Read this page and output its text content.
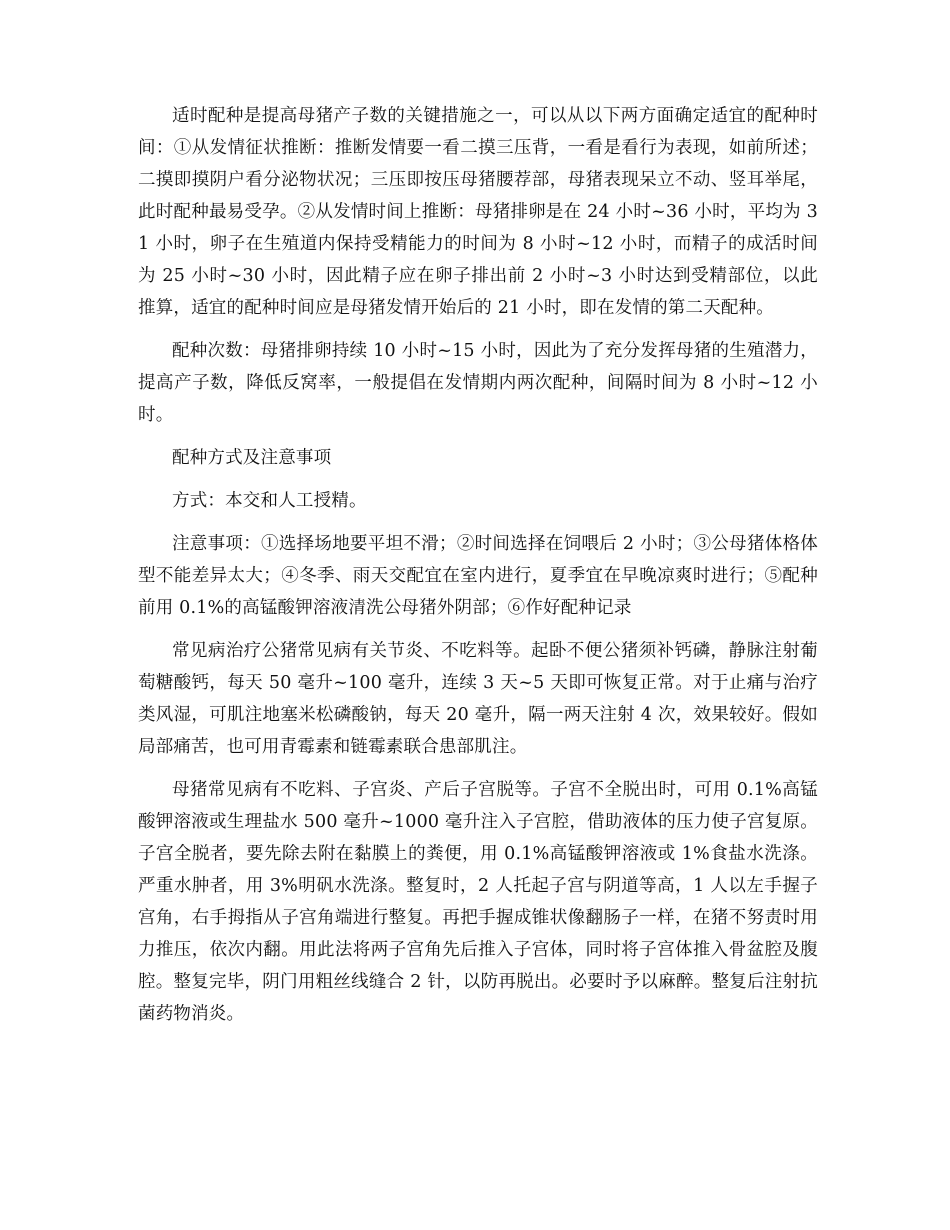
适时配种是提高母猪产子数的关键措施之一，可以从以下两方面确定适宜的配种时间：①从发情征状推断：推断发情要一看二摸三压背，一看是看行为表现，如前所述；二摸即摸阴户看分泌物状况；三压即按压母猪腰荐部，母猪表现呆立不动、竖耳举尾，此时配种最易受孕。②从发情时间上推断：母猪排卵是在 24 小时~36 小时，平均为 31 小时，卵子在生殖道内保持受精能力的时间为 8 小时~12 小时，而精子的成活时间为 25 小时~30 小时，因此精子应在卵子排出前 2 小时~3 小时达到受精部位，以此推算，适宜的配种时间应是母猪发情开始后的 21 小时，即在发情的第二天配种。

配种次数：母猪排卵持续 10 小时~15 小时，因此为了充分发挥母猪的生殖潜力，提高产子数，降低反窝率，一般提倡在发情期内两次配种，间隔时间为 8 小时~12 小时。

配种方式及注意事项

方式：本交和人工授精。

注意事项：①选择场地要平坦不滑；②时间选择在饲喂后 2 小时；③公母猪体格体型不能差异太大；④冬季、雨天交配宜在室内进行，夏季宜在早晚凉爽时进行；⑤配种前用 0.1%的高锰酸钾溶液清洗公母猪外阴部；⑥作好配种记录

常见病治疗公猪常见病有关节炎、不吃料等。起卧不便公猪须补钙磷，静脉注射葡萄糖酸钙，每天 50 毫升~100 毫升，连续 3 天~5 天即可恢复正常。对于止痛与治疗类风湿，可肌注地塞米松磷酸钠，每天 20 毫升，隔一两天注射 4 次，效果较好。假如局部痛苦，也可用青霉素和链霉素联合患部肌注。

母猪常见病有不吃料、子宫炎、产后子宫脱等。子宫不全脱出时，可用 0.1%高锰酸钾溶液或生理盐水 500 毫升~1000 毫升注入子宫腔，借助液体的压力使子宫复原。子宫全脱者，要先除去附在黏膜上的粪便，用 0.1%高锰酸钾溶液或 1%食盐水洗涤。严重水肿者，用 3%明矾水洗涤。整复时，2 人托起子宫与阴道等高，1 人以左手握子宫角，右手拇指从子宫角端进行整复。再把手握成锥状像翻肠子一样，在猪不努责时用力推压，依次内翻。用此法将两子宫角先后推入子宫体，同时将子宫体推入骨盆腔及腹腔。整复完毕，阴门用粗丝线缝合 2 针，以防再脱出。必要时予以麻醉。整复后注射抗菌药物消炎。
